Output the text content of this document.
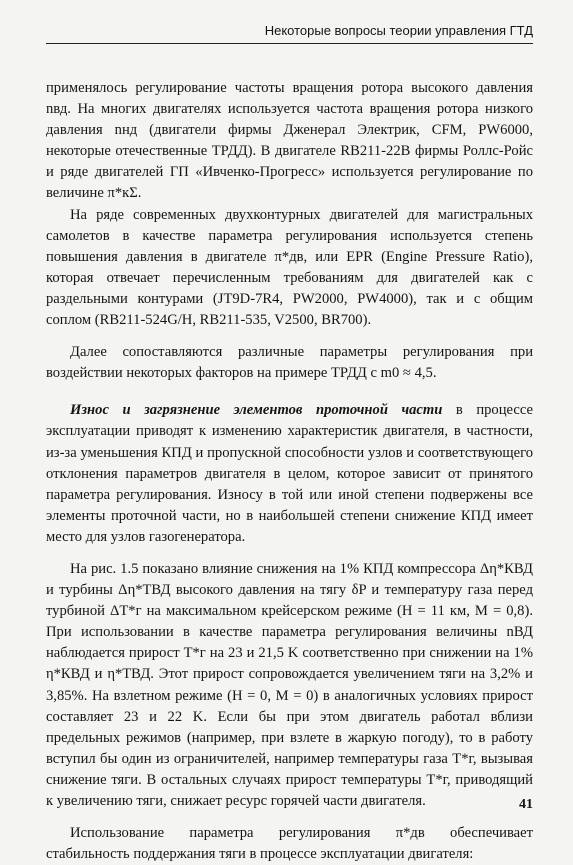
Некоторые вопросы теории управления ГТД

применялось регулирование частоты вращения ротора высокого давления nвд. На многих двигателях используется частота вращения ротора низкого давления nнд (двигатели фирмы Дженерал Электрик, CFM, PW6000, некоторые отечественные ТРДД). В двигателе RB211-22B фирмы Роллс-Ройс и ряде двигателей ГП «Ивченко-Прогресс» используется регулирование по величине π*кΣ.

На ряде современных двухконтурных двигателей для магистральных самолетов в качестве параметра регулирования используется степень повышения давления в двигателе π*дв, или EPR (Engine Pressure Ratio), которая отвечает перечисленным требованиям для двигателей как с раздельными контурами (JT9D-7R4, PW2000, PW4000), так и с общим соплом (RB211-524G/H, RB211-535, V2500, BR700).

Далее сопоставляются различные параметры регулирования при воздействии некоторых факторов на примере ТРДД с m0 ≈ 4,5.

Износ и загрязнение элементов проточной части в процессе эксплуатации приводят к изменению характеристик двигателя, в частности, из-за уменьшения КПД и пропускной способности узлов и соответствующего отклонения параметров двигателя в целом, которое зависит от принятого параметра регулирования. Износу в той или иной степени подвержены все элементы проточной части, но в наибольшей степени снижение КПД имеет место для узлов газогенератора.

На рис. 1.5 показано влияние снижения на 1% КПД компрессора Δη*КВД и турбины Δη*ТВД высокого давления на тягу δP и температуру газа перед турбиной ΔT*г на максимальном крейсерском режиме (H = 11 км, M = 0,8). При использовании в качестве параметра регулирования величины nВД наблюдается прирост T*г на 23 и 21,5 K соответственно при снижении на 1% η*КВД и η*ТВД. Этот прирост сопровождается увеличением тяги на 3,2% и 3,85%. На взлетном режиме (H = 0, M = 0) в аналогичных условиях прирост составляет 23 и 22 K. Если бы при этом двигатель работал вблизи предельных режимов (например, при взлете в жаркую погоду), то в работу вступил бы один из ограничителей, например температуры газа T*г, вызывая снижение тяги. В остальных случаях прирост температуры T*г, приводящий к увеличению тяги, снижает ресурс горячей части двигателя.

Использование параметра регулирования π*дв обеспечивает стабильность поддержания тяги в процессе эксплуатации двигателя:

41
